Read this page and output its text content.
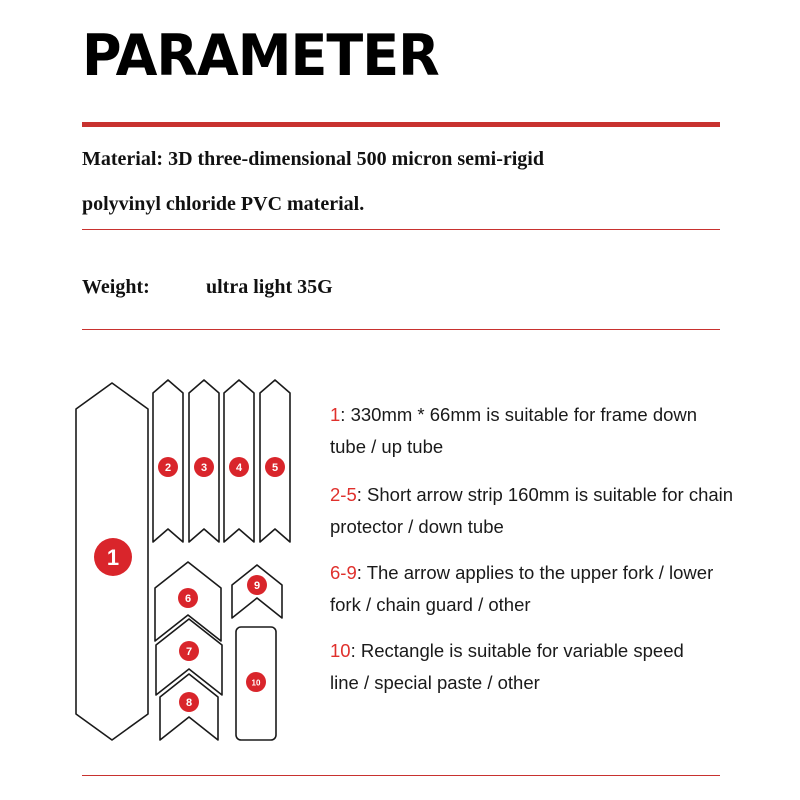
PARAMETER
Material: 3D three-dimensional 500 micron semi-rigid
polyvinyl chloride PVC material.
Weight:	ultra light 35G
1
2	3	4	5
6
7
8
9
10
1: 330mm * 66mm is suitable for frame down
tube / up tube
2-5: Short arrow strip 160mm is suitable for chain
protector / down tube
6-9: The arrow applies to the upper fork / lower
fork / chain guard / other
10: Rectangle is suitable for variable speed
line / special paste / other
